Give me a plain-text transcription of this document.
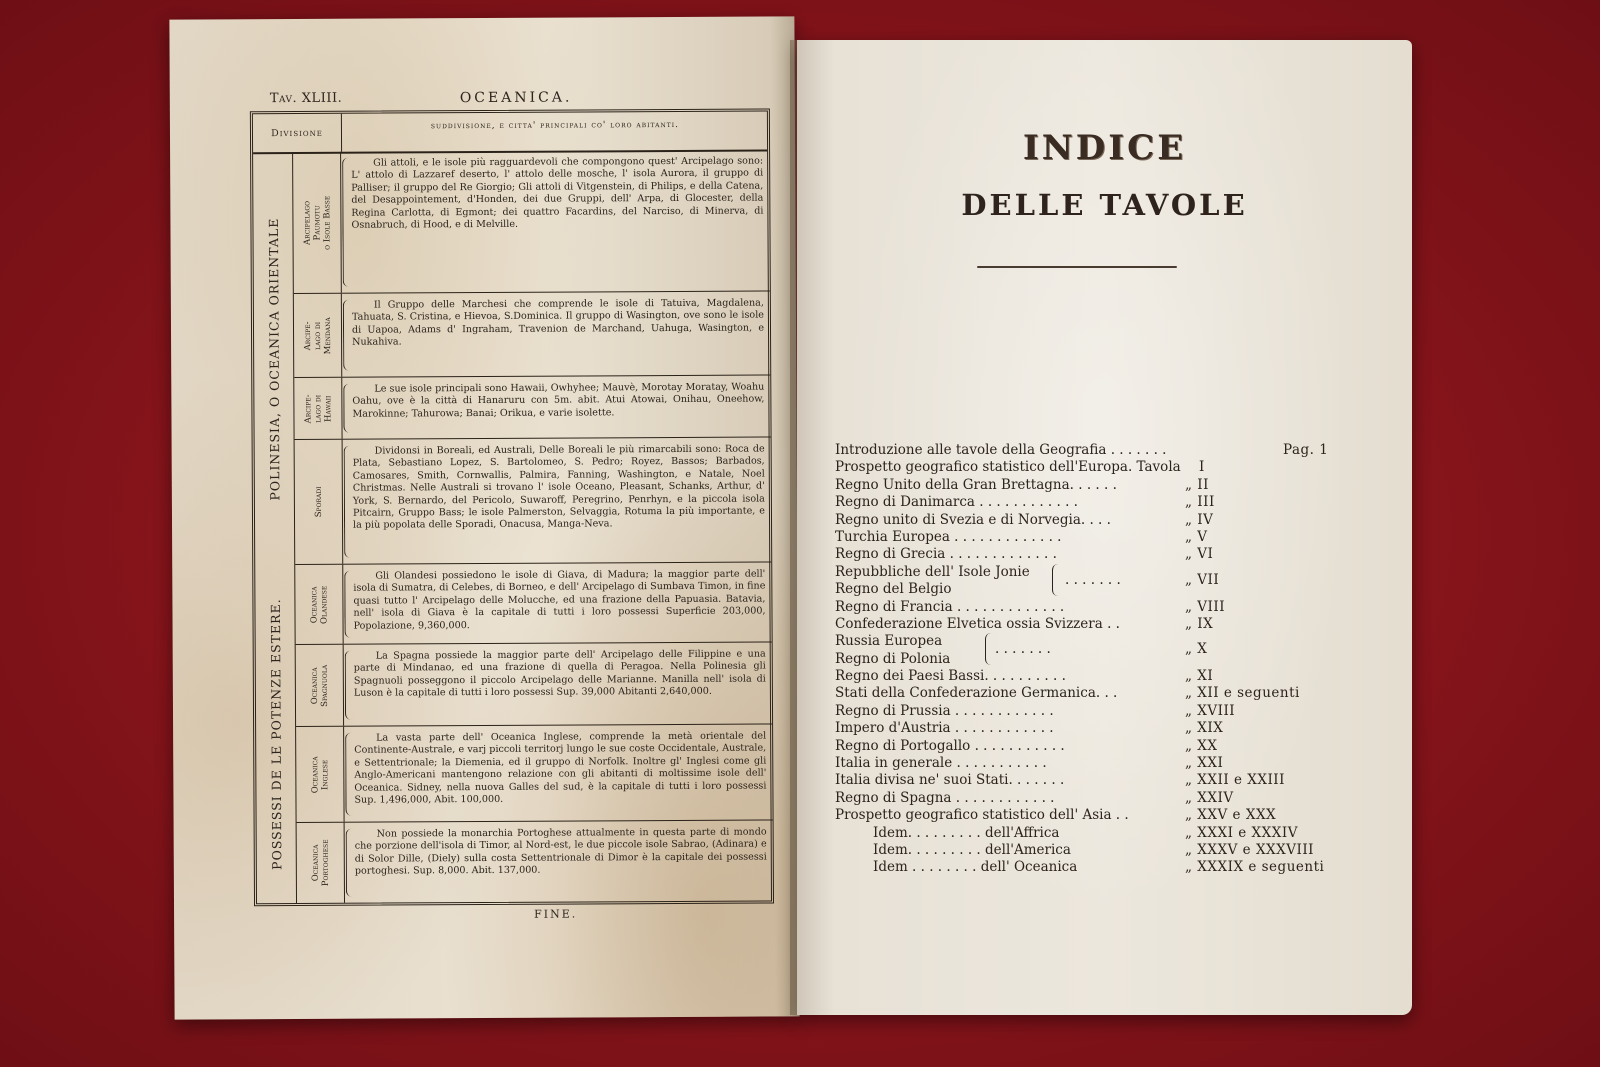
Tav. XLIII.	OCEANICA.
Divisione
suddivisione, e citta' principali co' loro abitanti.
POLINESIA, O OCEANICA ORIENTALE
POSSESSI DE LE POTENZE ESTERE.
Arcipelago
Paumotu
o Isole Basse
Gli attoli, e le isole più ragguardevoli che compongono quest' Arcipelago sono: L' attolo di Lazzaref deserto, l' attolo delle mosche, l' isola Aurora, il gruppo di Palliser; il gruppo del Re Giorgio; Gli attoli di Vitgenstein, di Philips, e della Catena, del Desappointement, d'Honden, dei due Gruppi, dell' Arpa, di Glocester, della Regina Carlotta, di Egmont; dei quattro Facardins, del Narciso, di Minerva, di Osnabruch, di Hood, e di Melville.
Arcipe-
lago di
Mendana
Il Gruppo delle Marchesi che comprende le isole di Tatuiva, Magdalena, Tahuata, S. Cristina, e Hievoa, S.Dominica. Il gruppo di Wasington, ove sono le isole di Uapoa, Adams d' Ingraham, Travenion de Marchand, Uahuga, Wasington, e Nukahiva.
Arcipe-
lago di
Hawaii
Le sue isole principali sono Hawaii, Owhyhee; Mauvè, Morotay Moratay, Woahu Oahu, ove è la città di Hanaruru con 5m. abit. Atui Atowai, Onihau, Oneehow, Marokinne; Tahurowa; Banai; Orikua, e varie isolette.
Sporadi
Dividonsi in Boreali, ed Australi, Delle Boreali le più rimarcabili sono: Roca de Plata, Sebastiano Lopez, S. Bartolomeo, S. Pedro; Royez, Bassos; Barbados, Camosares, Smith, Cornwallis, Palmira, Fanning, Washington, e Natale, Noel Christmas. Nelle Australi si trovano l' isole Oceano, Pleasant, Schanks, Arthur, d' York, S. Bernardo, del Pericolo, Suwaroff, Peregrino, Penrhyn, e la piccola isola Pitcairn, Gruppo Bass; le isole Palmerston, Selvaggia, Rotuma la più importante, e la più popolata delle Sporadi, Onacusa, Manga-Neva.
Oceanica
Olandese
Gli Olandesi possiedono le isole di Giava, di Madura; la maggior parte dell' isola di Sumatra, di Celebes, di Borneo, e dell' Arcipelago di Sumbava Timon, in fine quasi tutto l' Arcipelago delle Molucche, ed una frazione della Papuasia. Batavia, nell' isola di Giava è la capitale di tutti i loro possessi Superficie 203,000, Popolazione, 9,360,000.
Oceanica
Spagnuola
La Spagna possiede la maggior parte dell' Arcipelago delle Filippine e una parte di Mindanao, ed una frazione di quella di Peragoa. Nella Polinesia gli Spagnuoli posseggono il piccolo Arcipelago delle Marianne. Manilla nell' isola di Luson è la capitale di tutti i loro possessi Sup. 39,000 Abitanti 2,640,000.
Oceanica
Inglese
La vasta parte dell' Oceanica Inglese, comprende la metà orientale del Continente-Australe, e varj piccoli territorj lungo le sue coste Occidentale, Australe, e Settentrionale; la Diemenia, ed il gruppo di Norfolk. Inoltre gl' Inglesi come gli Anglo-Americani mantengono relazione con gli abitanti di moltissime isole dell' Oceanica. Sidney, nella nuova Galles del sud, è la capitale di tutti i loro possessi Sup. 1,496,000, Abit. 100,000.
Oceanica
Portoghese
Non possiede la monarchia Portoghese attualmente in questa parte di mondo che porzione dell'isola di Timor, al Nord-est, le due piccole isole Sabrao, (Adinara) e di Solor Dille, (Diely) sulla costa Settentrionale di Dimor è la capitale dei possessi portoghesi. Sup. 8,000. Abit. 137,000.
FINE.
INDICE
DELLE TAVOLE
Introduzione alle tavole della Geografia . . . . . . .	Pag. 1
Prospetto geografico statistico dell'Europa. Tavola I
Regno Unito della Gran Brettagna. . . . . .	„ II
Regno di Danimarca . . . . . . . . . . . .	„ III
Regno unito di Svezia e di Norvegia. . . .	„ IV
Turchia Europea . . . . . . . . . . . . .	„ V
Regno di Grecia . . . . . . . . . . . . .	„ VI
Repubbliche dell' Isole Jonie	. . . . . . .	„ VII
Regno del Belgio
Regno di Francia . . . . . . . . . . . . .	„ VIII
Confederazione Elvetica ossia Svizzera . .	„ IX
Russia Europea	. . . . . . .	„ X
Regno di Polonia
Regno dei Paesi Bassi. . . . . . . . . .	„ XI
Stati della Confederazione Germanica. . .	„ XII e seguenti
Regno di Prussia . . . . . . . . . . . .	„ XVIII
Impero d'Austria . . . . . . . . . . . .	„ XIX
Regno di Portogallo . . . . . . . . . . .	„ XX
Italia in generale . . . . . . . . . . .	„ XXI
Italia divisa ne' suoi Stati. . . . . . .	„ XXII e XXIII
Regno di Spagna . . . . . . . . . . . .	„ XXIV
Prospetto geografico statistico dell' Asia . .	„ XXV e XXX
Idem. . . . . . . . . dell'Affrica	„ XXXI e XXXIV
Idem. . . . . . . . . dell'America	„ XXXV e XXXVIII
Idem . . . . . . . . dell' Oceanica	„ XXXIX e seguenti
